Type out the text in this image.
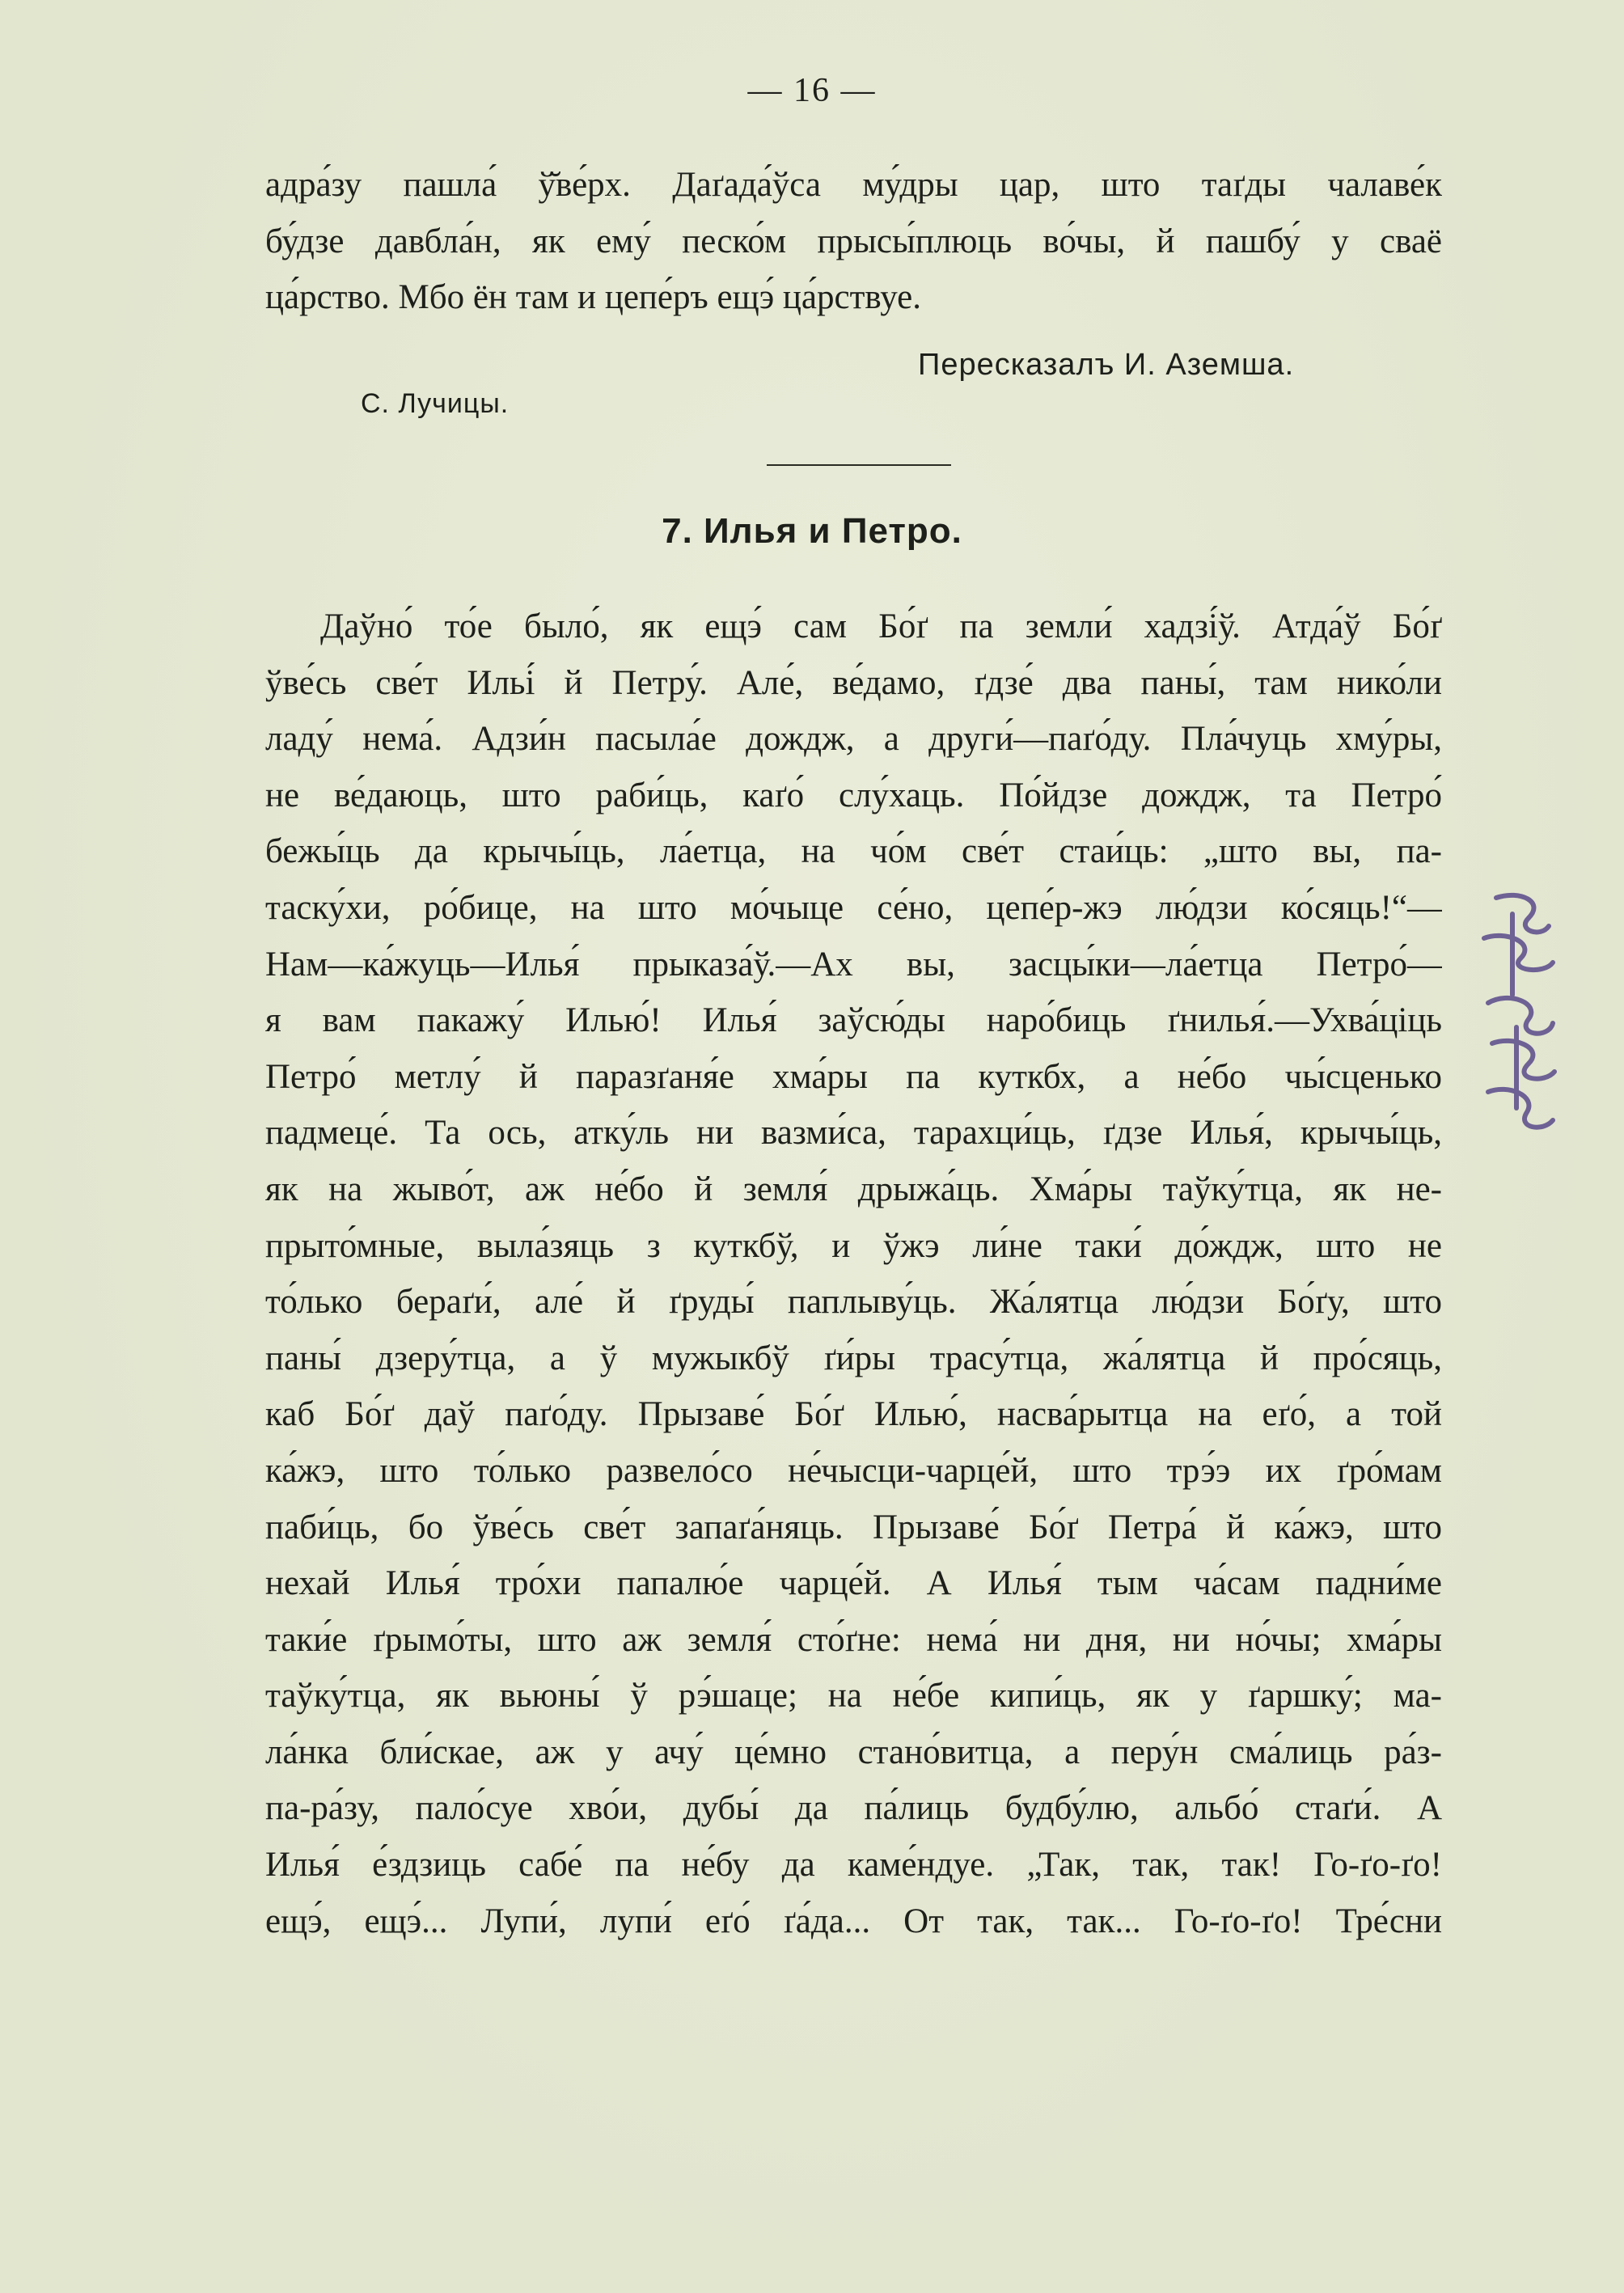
— 16 —
адра́зу пашла́ ў̆ве́рх. Даґада́ўса му́дры цар, што таґды чалаве́к
бу́дзе давбла́н, як ему́ песко́м прысы́плюць во́чы, й пашбу́ у сваё
ца́рство. Мбо ён там и цепе́ръ ещэ́ ца́рствуе.
Пересказалъ И. Аземша.
С. Лучицы.
7. Илья и Петро.
Даўно́ то́е было́, як ещэ́ сам Бо́ґ па земли́ хадзі́ў. Атда́ў Бо́ґ
ўве́сь све́т Ильі́ й Петру́. Але́, ве́дамо, ґдзе́ два паны́, там нико́ли
ладу́ нема́. Адзи́н пасыла́е дождж, а други́—паґо́ду. Пла́чуць хму́ры,
не ве́даюць, што раби́ць, каґо́ слу́хаць. По́йдзе дождж, та Петро́
бежы́ць да крычы́ць, ла́етца, на чо́м све́т стаи́ць: „што вы, па-
таску́хи, ро́бице, на што мо́чыце се́но, цепе́р-жэ лю́дзи ко́сяць!“—
Нам—ка́жуць—Илья́ прыказа́ў.—Ах вы, засцы́ки—ла́етца Петро́—
я вам пакажу́ Илью́! Илья́ заўсю́ды наро́биць ґнилья́.—Ухва́ціць
Петро́ метлу́ й паразґаня́е хма́ры па куткбх, а не́бо чы́сценько
падмеце́. Та ось, атку́ль ни вазми́са, тарахци́ць, ґдзе Илья́, крычы́ць,
як на жыво́т, аж не́бо й земля́ дрыжа́ць. Хма́ры таўку́тца, як не-
прыто́мные, выла́зяць з куткбў, и ўжэ ли́не таки́ до́ждж, што не
то́лько бераґи́, але́ й ґруды́ паплыву́ць. Жа́лятца лю́дзи Бо́ґу, што
паны́ дзеру́тца, а ў мужыкбў ґи́ры трасу́тца, жа́лятца й про́сяць,
каб Бо́ґ даў паґо́ду. Прызаве́ Бо́ґ Илью́, насва́рытца на еґо́, а той
ка́жэ, што то́лько развело́со не́чысци-чарце́й, што трэ́э их ґро́мам
паби́ць, бо ўве́сь све́т запаґа́няць. Прызаве́ Бо́ґ Петра́ й ка́жэ, што
нехай Илья́ тро́хи папалю́е чарце́й. А Илья́ тым ча́сам падни́ме
таки́е ґрымо́ты, што аж земля́ сто́ґне: нема́ ни дня, ни но́чы; хма́ры
таўку́тца, як вьюны́ ў рэ́шаце; на не́бе кипи́ць, як у ґаршку́; ма-
ла́нка бли́скае, аж у ачу́ це́мно стано́витца, а перу́н сма́лиць ра́з-
па-ра́зу, пало́суе хво́и, дубы́ да па́лиць будбу́лю, альбо́ стаґи́. А
Илья́ е́здзиць сабе́ па не́бу да каме́ндуе. „Так, так, так! Го-ґо-ґо!
ещэ́, ещэ́... Лупи́, лупи́ еґо́ ґа́да... От так, так... Го-ґо-ґо! Тре́сни
